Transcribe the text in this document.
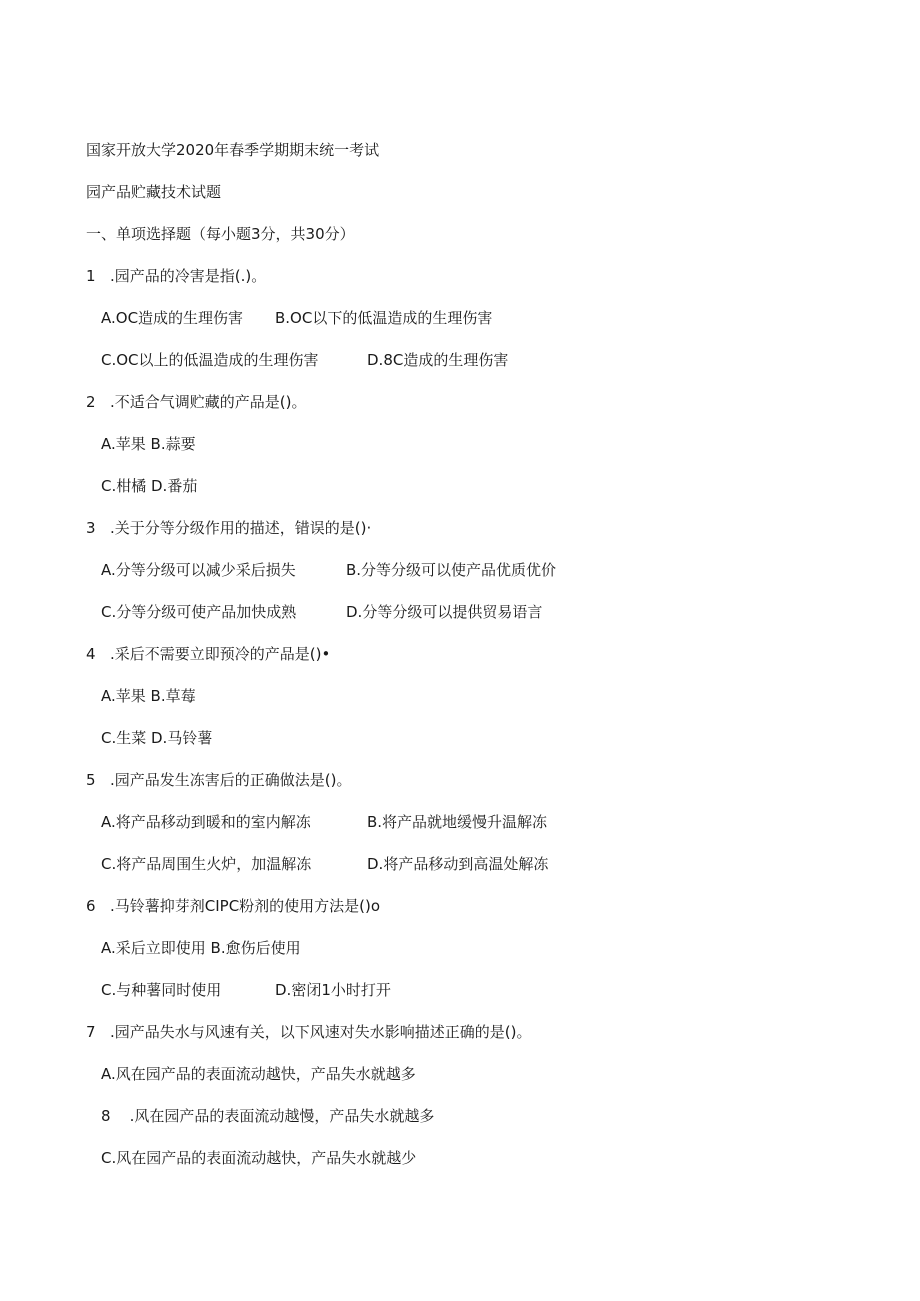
国家开放大学2020年春季学期期末统一考试
园产品贮藏技术试题
一、单项选择题（每小题3分，共30分）
1 .园产品的冷害是指(.)。
A.OC造成的生理伤害 B.OC以下的低温造成的生理伤害
C.OC以上的低温造成的生理伤害	D.8C造成的生理伤害
2 .不适合气调贮藏的产品是()。
A.苹果 B.蒜要
C.柑橘 D.番茄
3 .关于分等分级作用的描述，错误的是()·
A.分等分级可以减少采后损失	B.分等分级可以使产品优质优价
C.分等分级可使产品加快成熟	D.分等分级可以提供贸易语言
4 .采后不需要立即预冷的产品是()•
A.苹果 B.草莓
C.生菜 D.马铃薯
5 .园产品发生冻害后的正确做法是()。
A.将产品移动到暖和的室内解冻	B.将产品就地缓慢升温解冻
C.将产品周围生火炉，加温解冻	D.将产品移动到高温处解冻
6 .马铃薯抑芽剂CIPC粉剂的使用方法是()o
A.采后立即使用 B.愈伤后使用
C.与种薯同时使用	D.密闭1小时打开
7 .园产品失水与风速有关，以下风速对失水影响描述正确的是()。
A.风在园产品的表面流动越快，产品失水就越多
8    .风在园产品的表面流动越慢，产品失水就越多
C.风在园产品的表面流动越快，产品失水就越少
